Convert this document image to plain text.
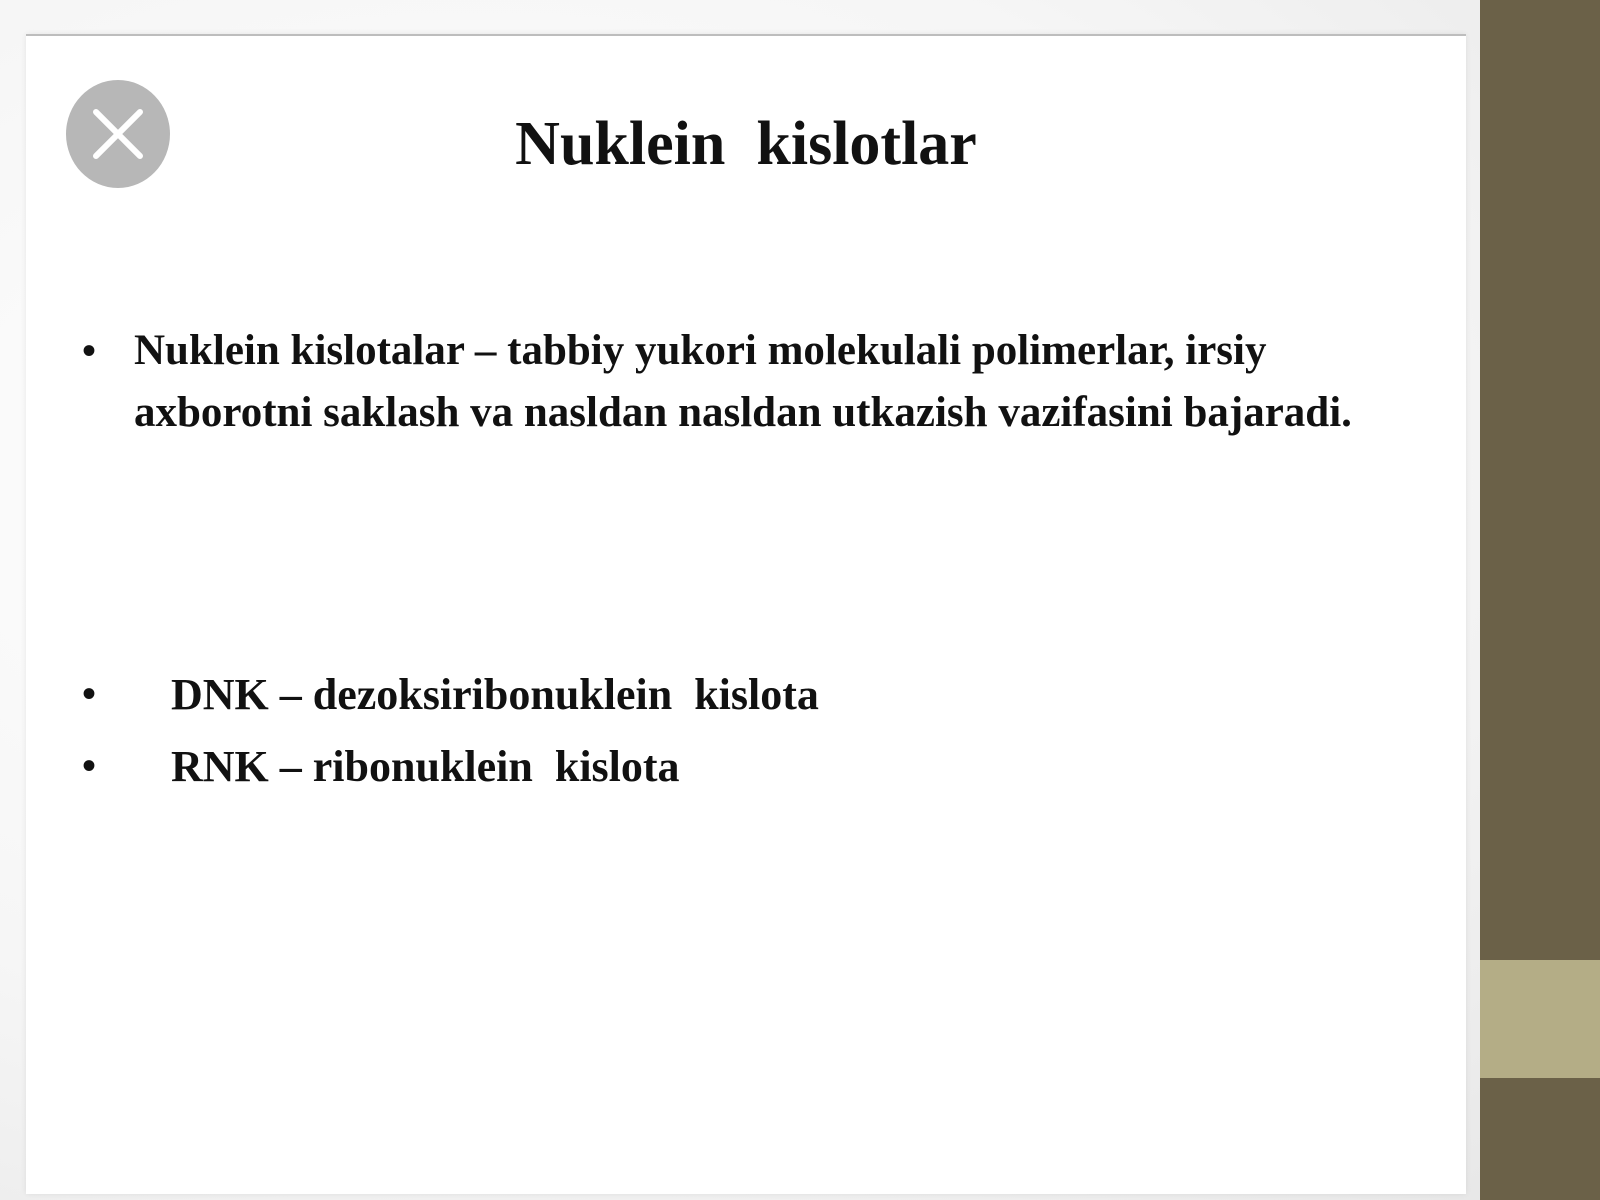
Nuklein  kislotlar
• Nuklein kislotalar – tabbiy yukori molekulali polimerlar, irsiy axborotni saklash va nasldan nasldan utkazish vazifasini bajaradi.
• DNK – dezoksiribonuklein  kislota
• RNK – ribonuklein  kislota
